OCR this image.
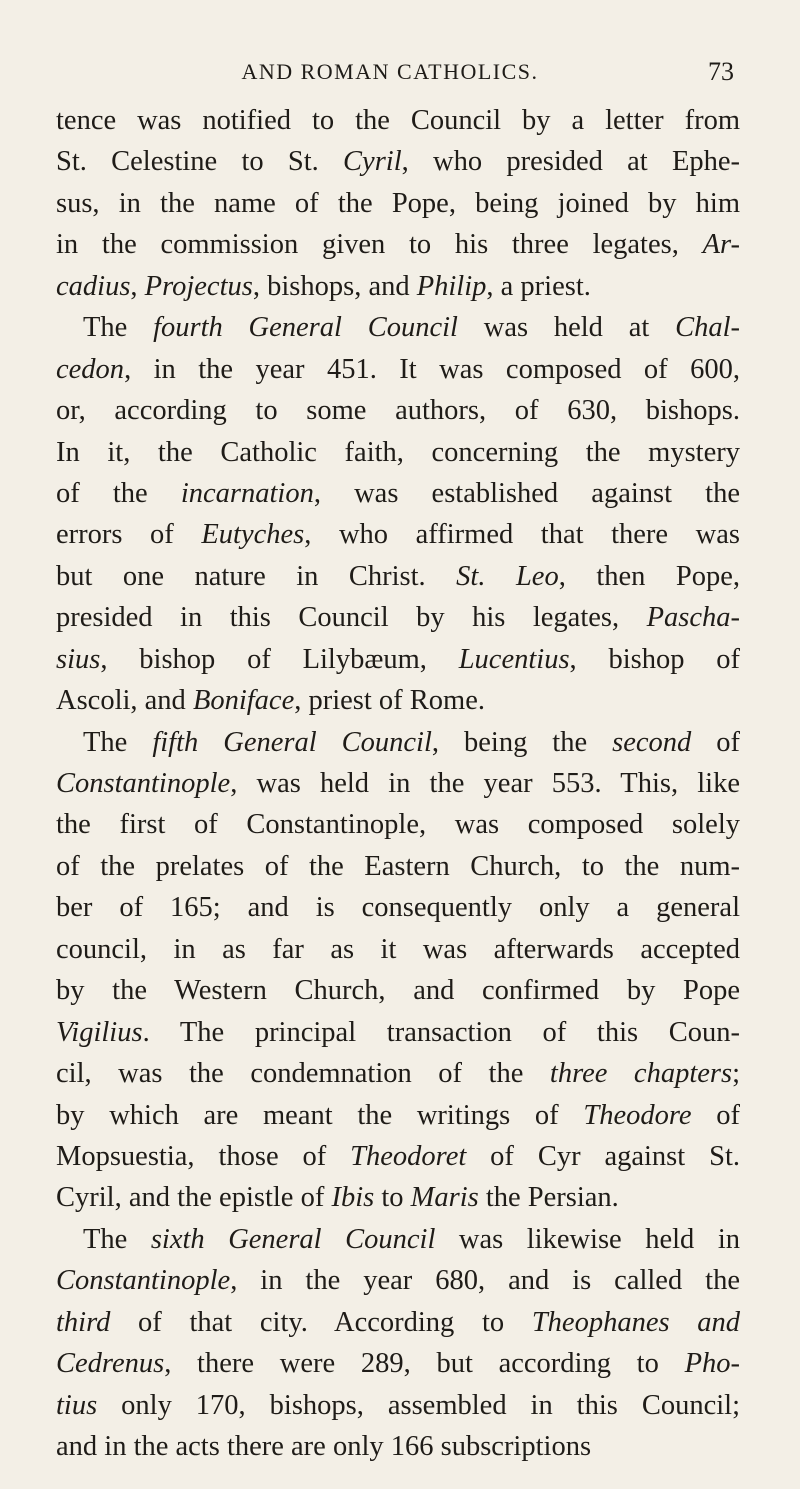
AND ROMAN CATHOLICS.	73
tence was notified to the Council by a letter from
St. Celestine to St. Cyril, who presided at Ephe-
sus, in the name of the Pope, being joined by him
in the commission given to his three legates, Ar-
cadius, Projectus, bishops, and Philip, a priest.
The fourth General Council was held at Chal-
cedon, in the year 451. It was composed of 600,
or, according to some authors, of 630, bishops.
In it, the Catholic faith, concerning the mystery
of the incarnation, was established against the
errors of Eutyches, who affirmed that there was
but one nature in Christ. St. Leo, then Pope,
presided in this Council by his legates, Pascha-
sius, bishop of Lilybæum, Lucentius, bishop of
Ascoli, and Boniface, priest of Rome.
The fifth General Council, being the second of
Constantinople, was held in the year 553. This, like
the first of Constantinople, was composed solely
of the prelates of the Eastern Church, to the num-
ber of 165; and is consequently only a general
council, in as far as it was afterwards accepted
by the Western Church, and confirmed by Pope
Vigilius. The principal transaction of this Coun-
cil, was the condemnation of the three chapters;
by which are meant the writings of Theodore of
Mopsuestia, those of Theodoret of Cyr against St.
Cyril, and the epistle of Ibis to Maris the Persian.
The sixth General Council was likewise held in
Constantinople, in the year 680, and is called the
third of that city. According to Theophanes and
Cedrenus, there were 289, but according to Pho-
tius only 170, bishops, assembled in this Council;
and in the acts there are only 166 subscriptions
